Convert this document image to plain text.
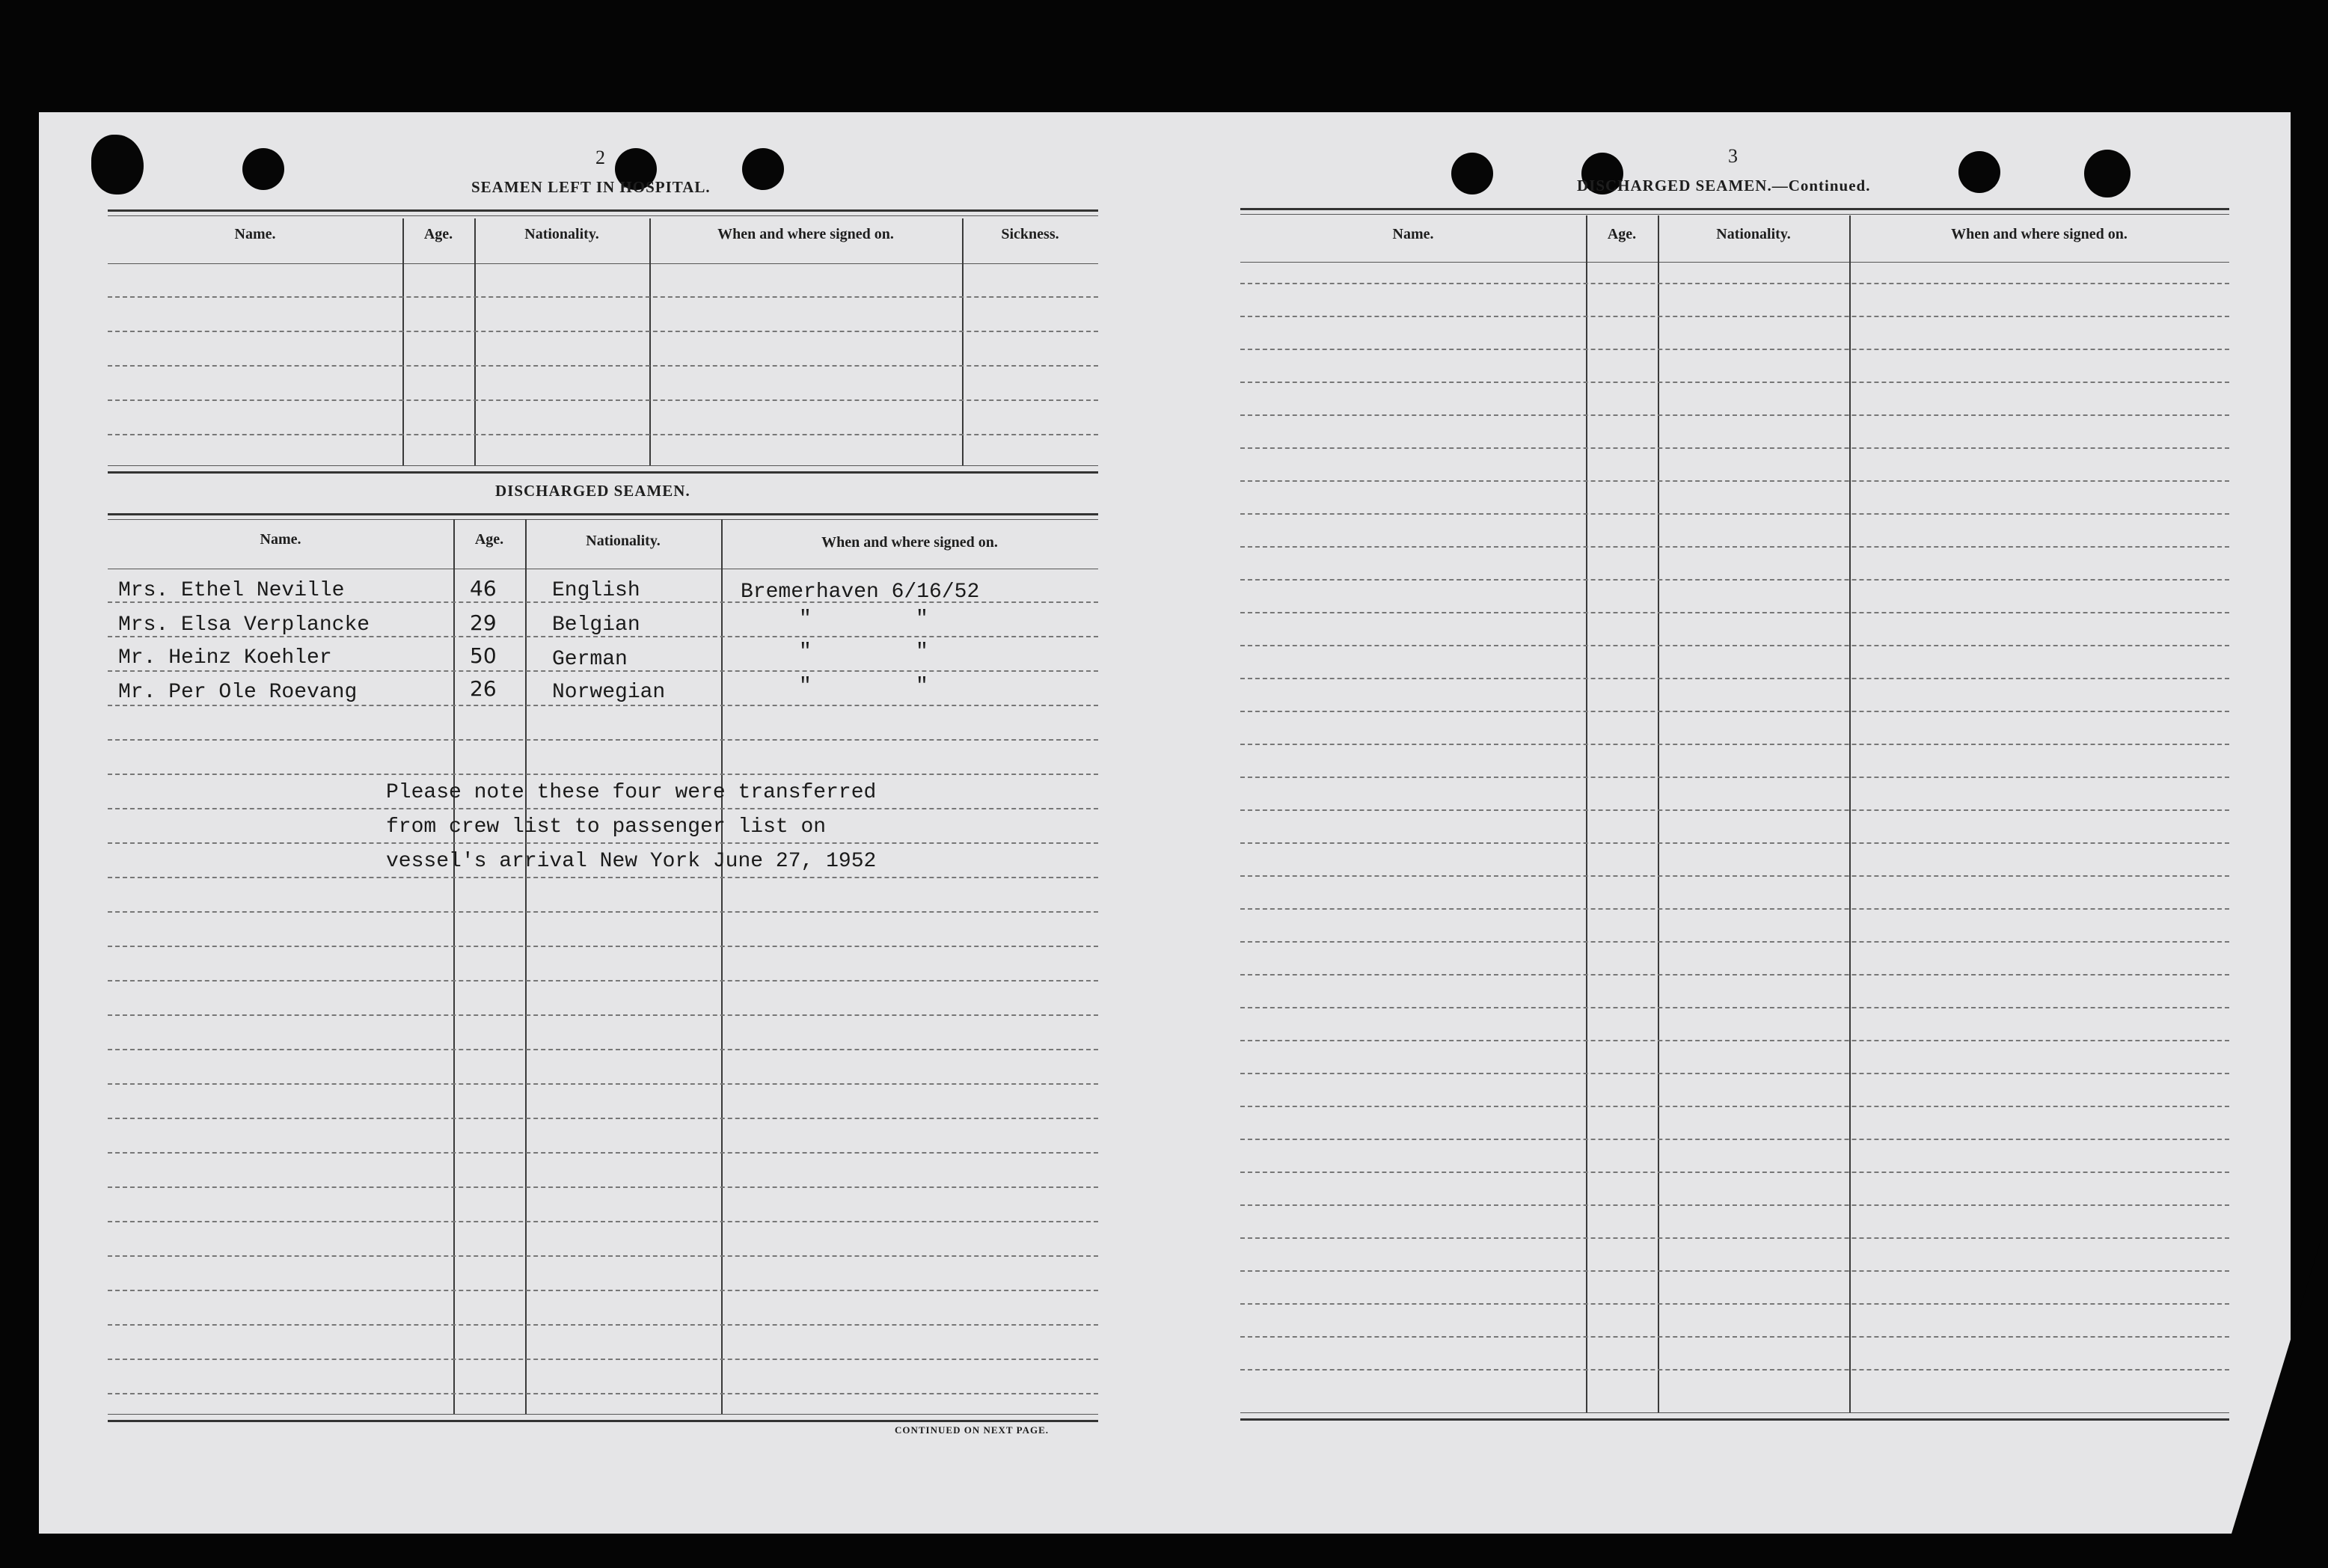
2
SEAMEN LEFT IN HOSPITAL.
Name.	Age.	Nationality.	When and where signed on.	Sickness.
DISCHARGED SEAMEN.
Name.	Age.	Nationality.	When and where signed on.
Mrs. Ethel Neville	46	English	Bremerhaven 6/16/52
Mrs. Elsa Verplancke	29	Belgian	"	"
Mr. Heinz Koehler	50	German	"	"
Mr. Per Ole Roevang	26	Norwegian	"	"
Please note these four were transferred
from crew list to passenger list on
vessel's arrival New York June 27, 1952
CONTINUED ON NEXT PAGE.
3
DISCHARGED SEAMEN.—Continued.
Name.	Age.	Nationality.	When and where signed on.
